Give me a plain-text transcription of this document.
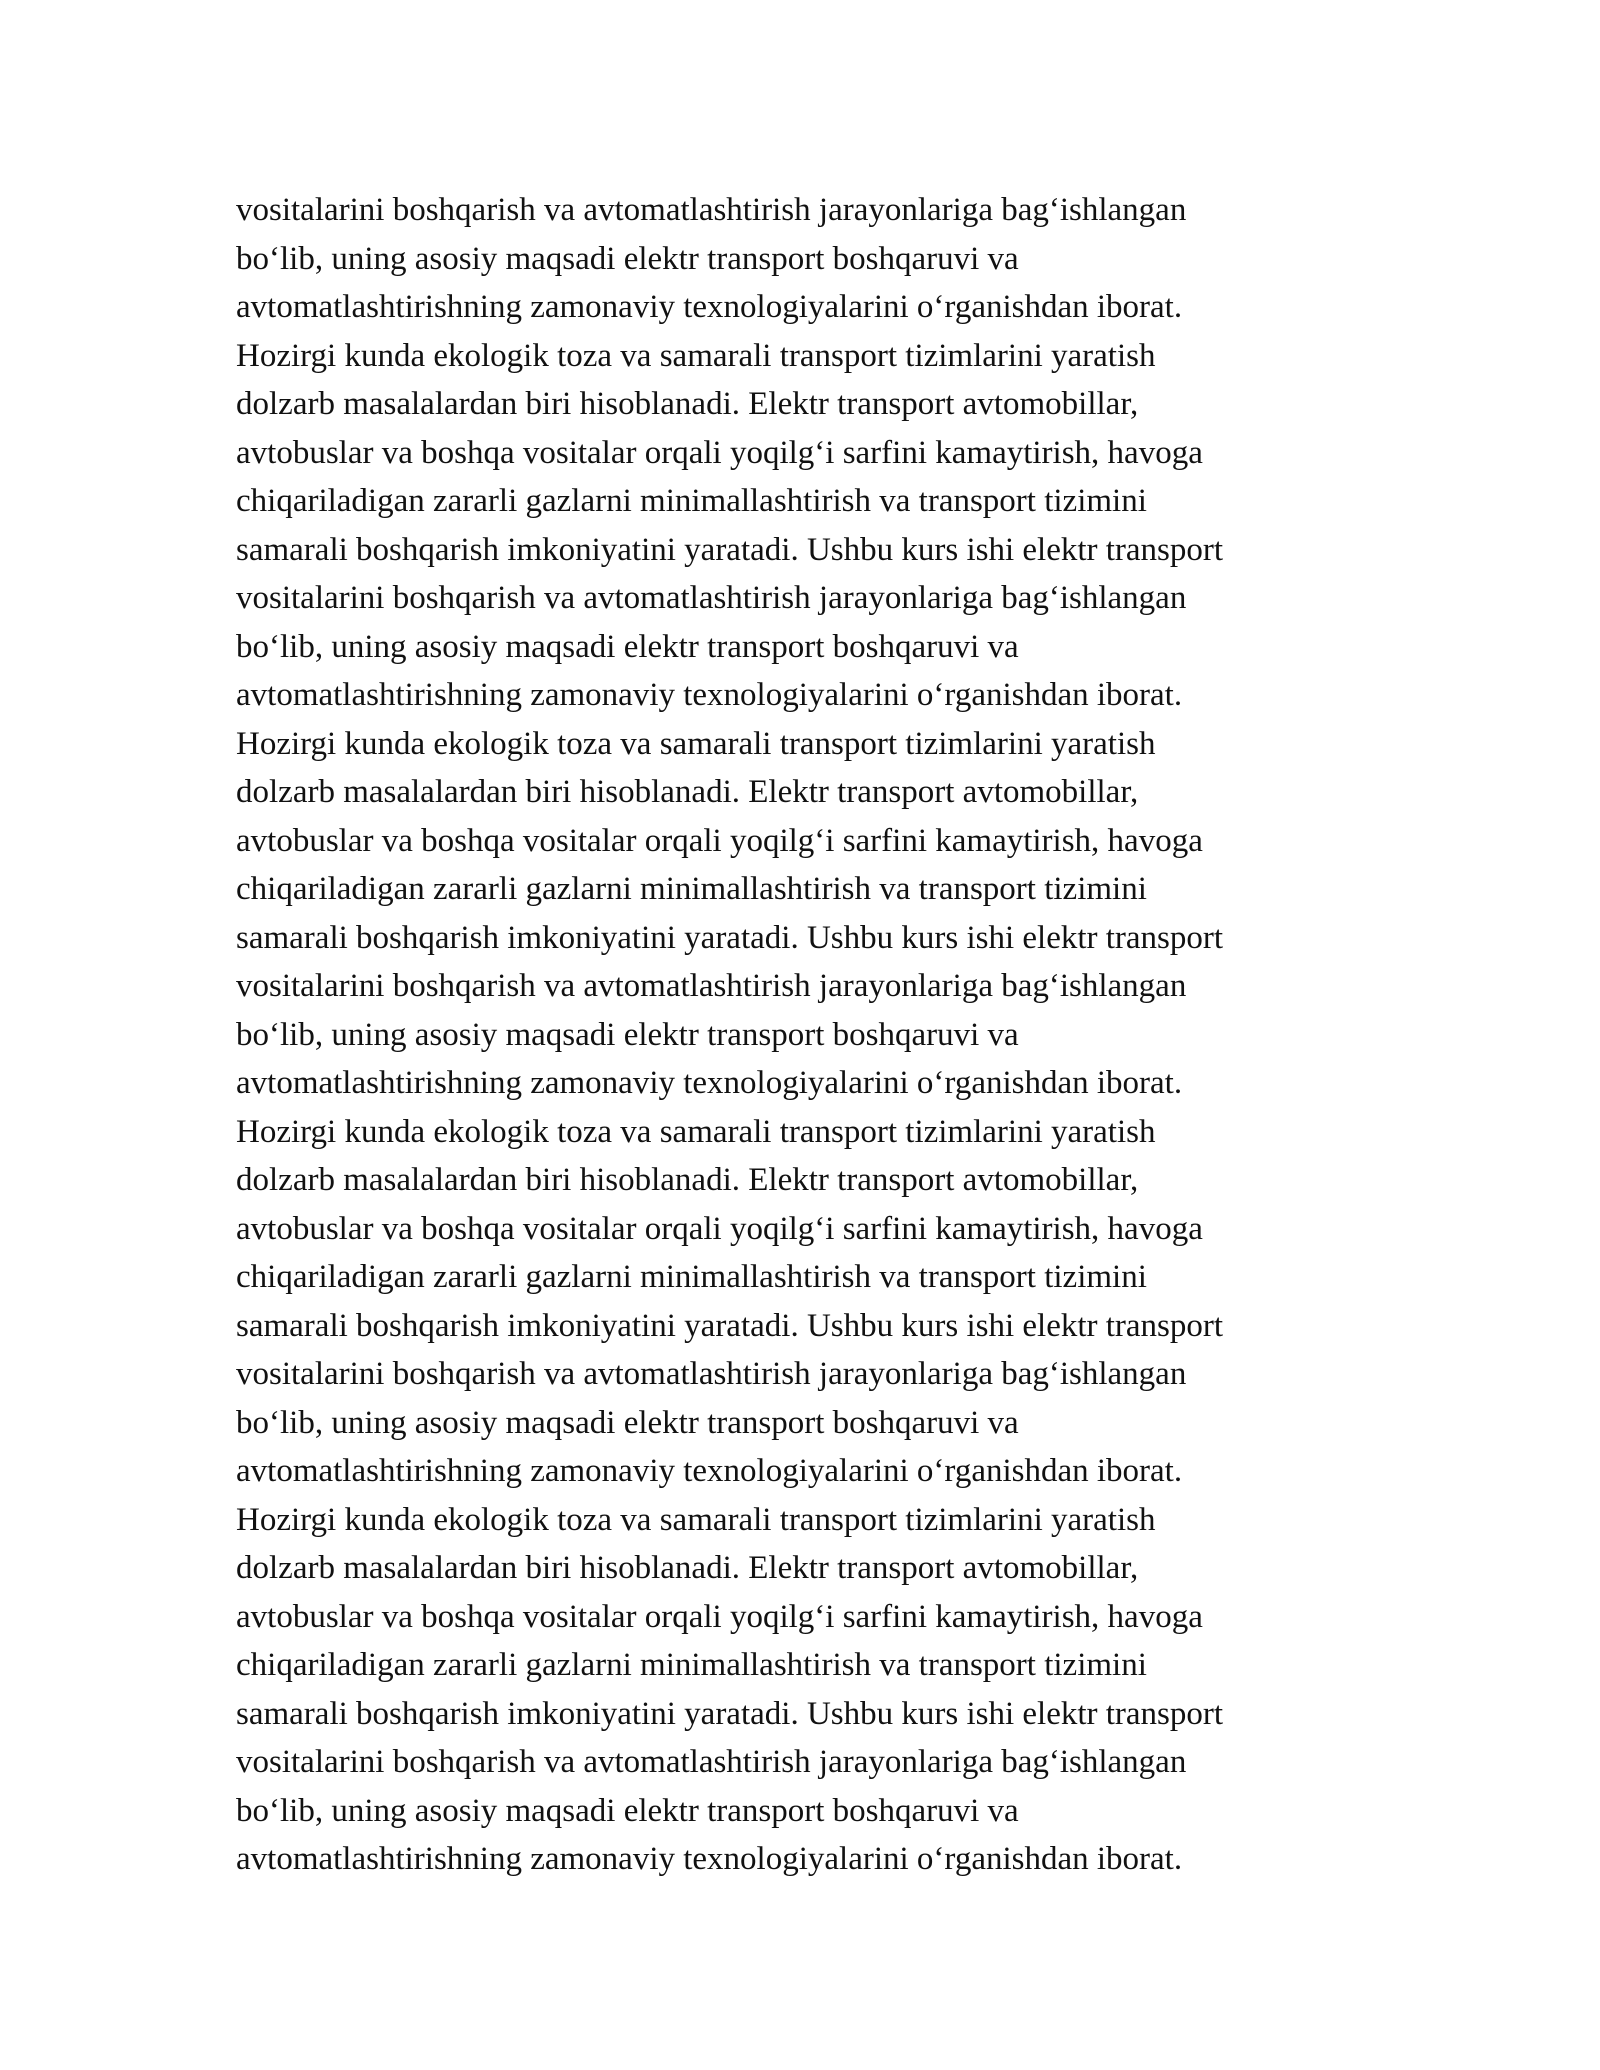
vositalarini boshqarish va avtomatlashtirish jarayonlariga bag‘ishlangan
bo‘lib, uning asosiy maqsadi elektr transport boshqaruvi va
avtomatlashtirishning zamonaviy texnologiyalarini o‘rganishdan iborat.
Hozirgi kunda ekologik toza va samarali transport tizimlarini yaratish
dolzarb masalalardan biri hisoblanadi. Elektr transport avtomobillar,
avtobuslar va boshqa vositalar orqali yoqilg‘i sarfini kamaytirish, havoga
chiqariladigan zararli gazlarni minimallashtirish va transport tizimini
samarali boshqarish imkoniyatini yaratadi. Ushbu kurs ishi elektr transport
vositalarini boshqarish va avtomatlashtirish jarayonlariga bag‘ishlangan
bo‘lib, uning asosiy maqsadi elektr transport boshqaruvi va
avtomatlashtirishning zamonaviy texnologiyalarini o‘rganishdan iborat.
Hozirgi kunda ekologik toza va samarali transport tizimlarini yaratish
dolzarb masalalardan biri hisoblanadi. Elektr transport avtomobillar,
avtobuslar va boshqa vositalar orqali yoqilg‘i sarfini kamaytirish, havoga
chiqariladigan zararli gazlarni minimallashtirish va transport tizimini
samarali boshqarish imkoniyatini yaratadi. Ushbu kurs ishi elektr transport
vositalarini boshqarish va avtomatlashtirish jarayonlariga bag‘ishlangan
bo‘lib, uning asosiy maqsadi elektr transport boshqaruvi va
avtomatlashtirishning zamonaviy texnologiyalarini o‘rganishdan iborat.
Hozirgi kunda ekologik toza va samarali transport tizimlarini yaratish
dolzarb masalalardan biri hisoblanadi. Elektr transport avtomobillar,
avtobuslar va boshqa vositalar orqali yoqilg‘i sarfini kamaytirish, havoga
chiqariladigan zararli gazlarni minimallashtirish va transport tizimini
samarali boshqarish imkoniyatini yaratadi. Ushbu kurs ishi elektr transport
vositalarini boshqarish va avtomatlashtirish jarayonlariga bag‘ishlangan
bo‘lib, uning asosiy maqsadi elektr transport boshqaruvi va
avtomatlashtirishning zamonaviy texnologiyalarini o‘rganishdan iborat.
Hozirgi kunda ekologik toza va samarali transport tizimlarini yaratish
dolzarb masalalardan biri hisoblanadi. Elektr transport avtomobillar,
avtobuslar va boshqa vositalar orqali yoqilg‘i sarfini kamaytirish, havoga
chiqariladigan zararli gazlarni minimallashtirish va transport tizimini
samarali boshqarish imkoniyatini yaratadi. Ushbu kurs ishi elektr transport
vositalarini boshqarish va avtomatlashtirish jarayonlariga bag‘ishlangan
bo‘lib, uning asosiy maqsadi elektr transport boshqaruvi va
avtomatlashtirishning zamonaviy texnologiyalarini o‘rganishdan iborat.
